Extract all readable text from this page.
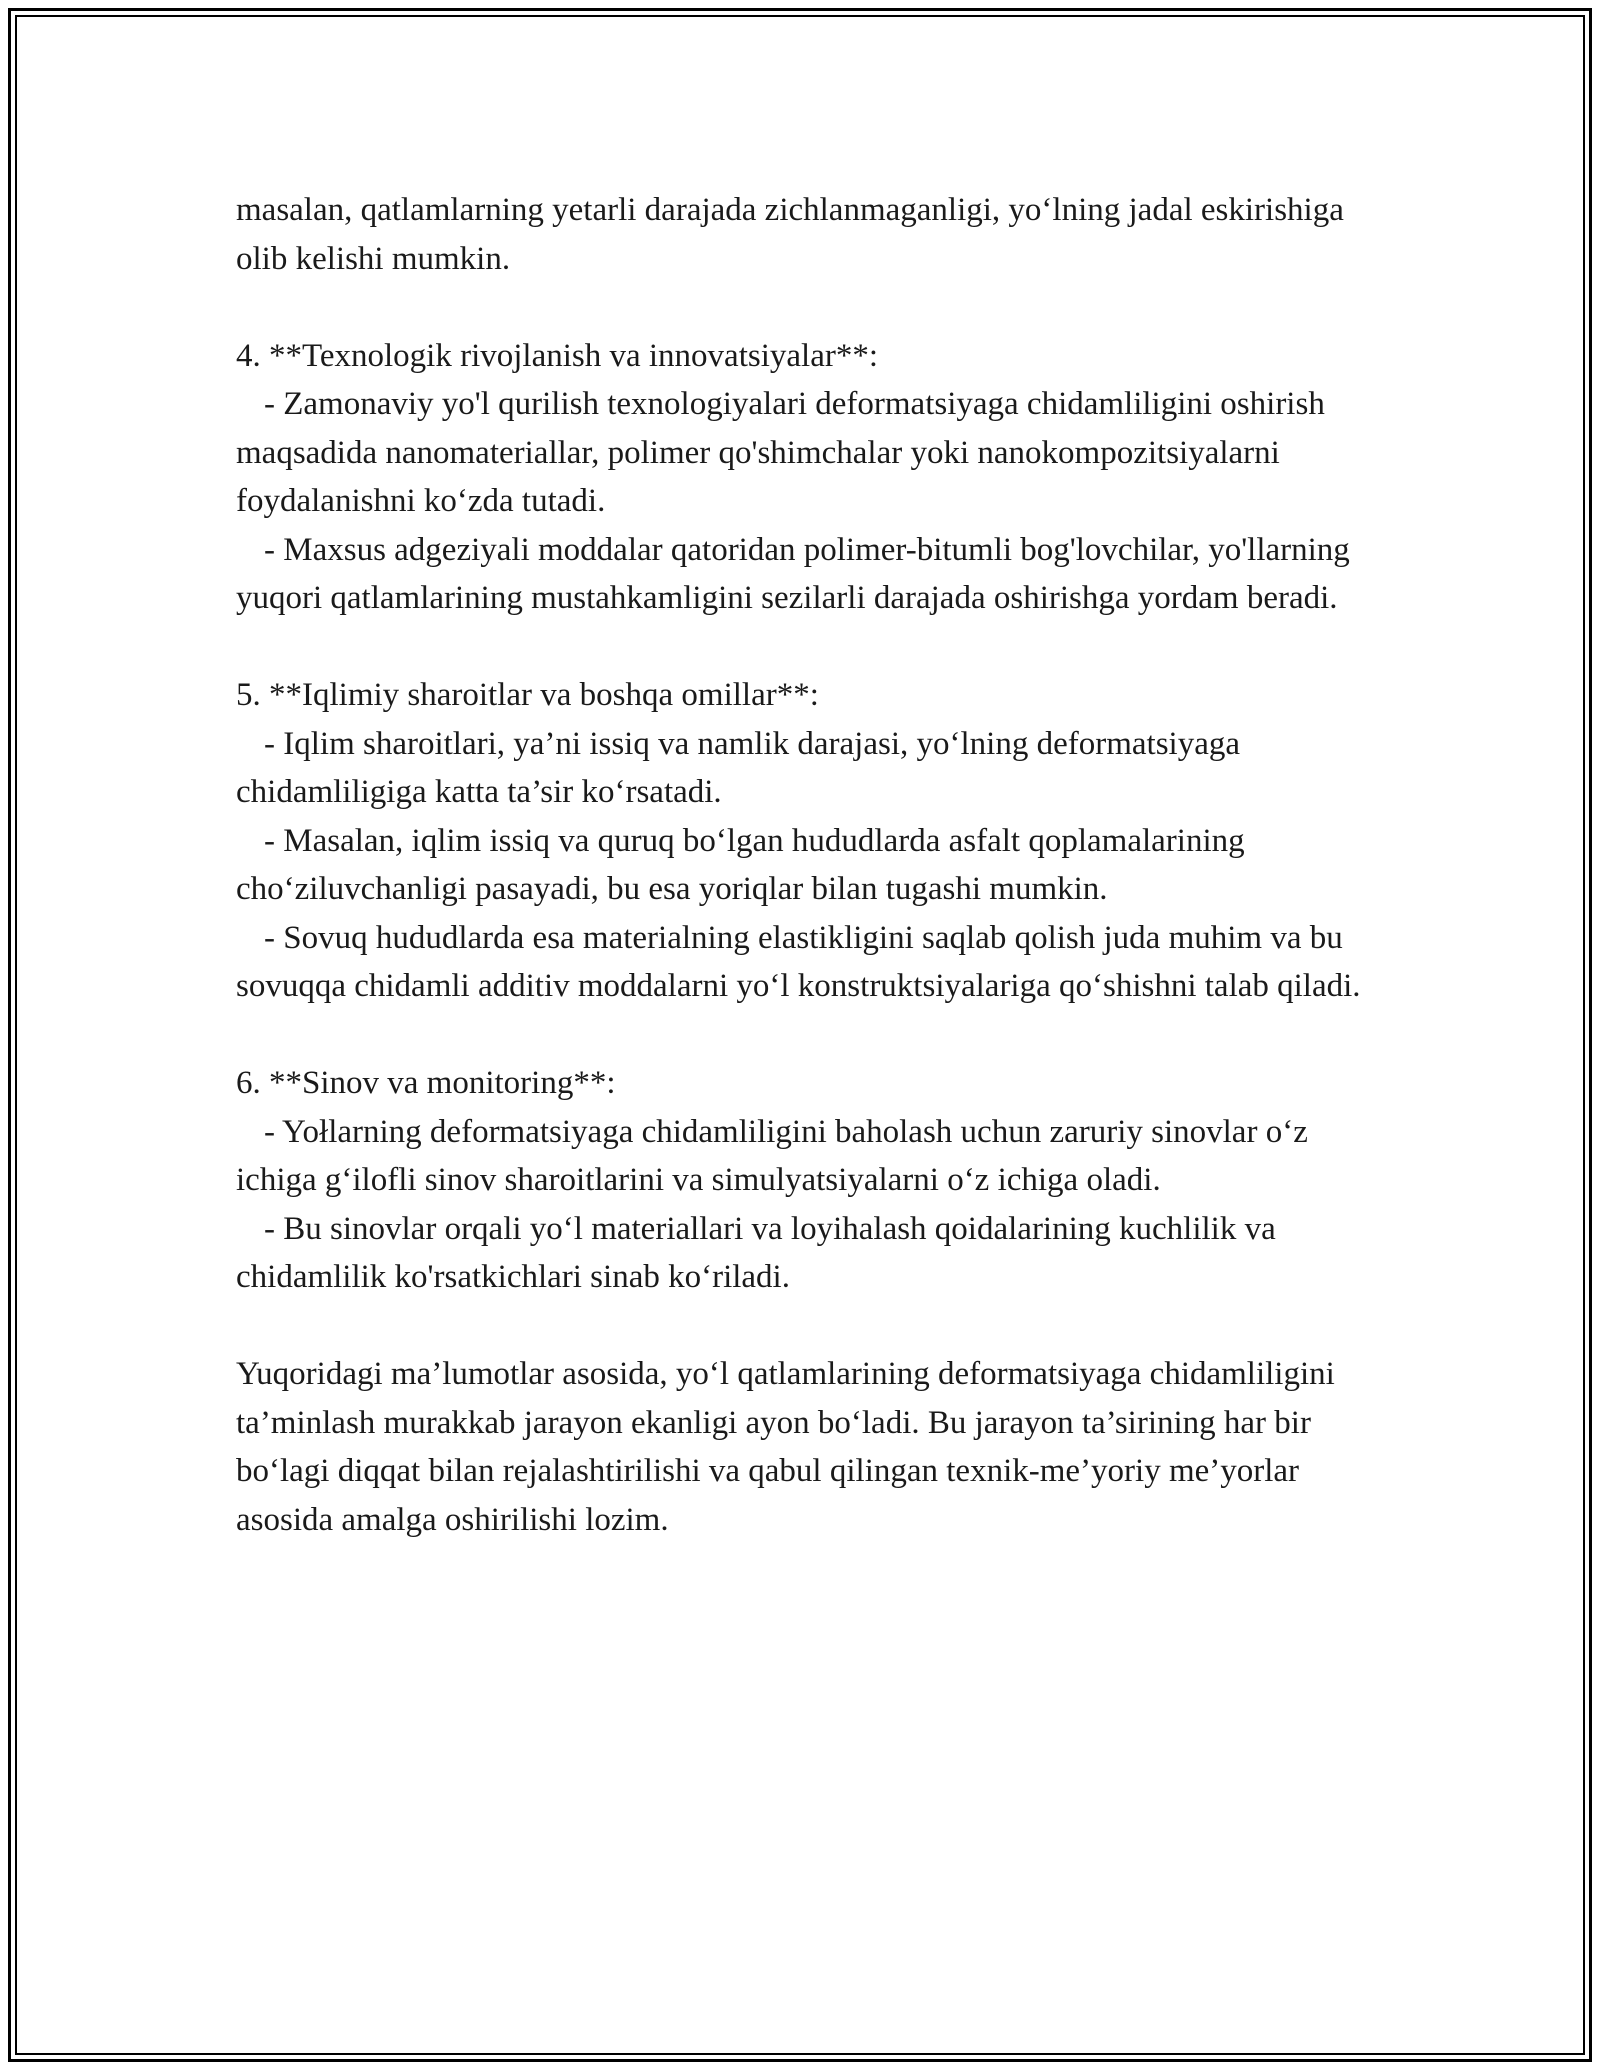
masalan, qatlamlarning yetarli darajada zichlanmaganligi, yo‘lning jadal eskirishiga olib kelishi mumkin.

4. **Texnologik rivojlanish va innovatsiyalar**:

- Zamonaviy yo'l qurilish texnologiyalari deformatsiyaga chidamliligini oshirish maqsadida nanomateriallar, polimer qo'shimchalar yoki nanokompozitsiyalarni foydalanishni ko‘zda tutadi.

- Maxsus adgeziyali moddalar qatoridan polimer-bitumli bog'lovchilar, yo'llarning yuqori qatlamlarining mustahkamligini sezilarli darajada oshirishga yordam beradi.

5. **Iqlimiy sharoitlar va boshqa omillar**:

- Iqlim sharoitlari, ya’ni issiq va namlik darajasi, yo‘lning deformatsiyaga chidamliligiga katta ta’sir ko‘rsatadi.

- Masalan, iqlim issiq va quruq bo‘lgan hududlarda asfalt qoplamalarining cho‘ziluvchanligi pasayadi, bu esa yoriqlar bilan tugashi mumkin.

- Sovuq hududlarda esa materialning elastikligini saqlab qolish juda muhim va bu sovuqqa chidamli additiv moddalarni yo‘l konstruktsiyalariga qo‘shishni talab qiladi.

6. **Sinov va monitoring**:

- Yołlarning deformatsiyaga chidamliligini baholash uchun zaruriy sinovlar o‘z ichiga g‘ilofli sinov sharoitlarini va simulyatsiyalarni o‘z ichiga oladi.

- Bu sinovlar orqali yo‘l materiallari va loyihalash qoidalarining kuchlilik va chidamlilik ko'rsatkichlari sinab ko‘riladi.

Yuqoridagi ma’lumotlar asosida, yo‘l qatlamlarining deformatsiyaga chidamliligini ta’minlash murakkab jarayon ekanligi ayon bo‘ladi. Bu jarayon ta’sirining har bir bo‘lagi diqqat bilan rejalashtirilishi va qabul qilingan texnik-me’yoriy me’yorlar asosida amalga oshirilishi lozim.
